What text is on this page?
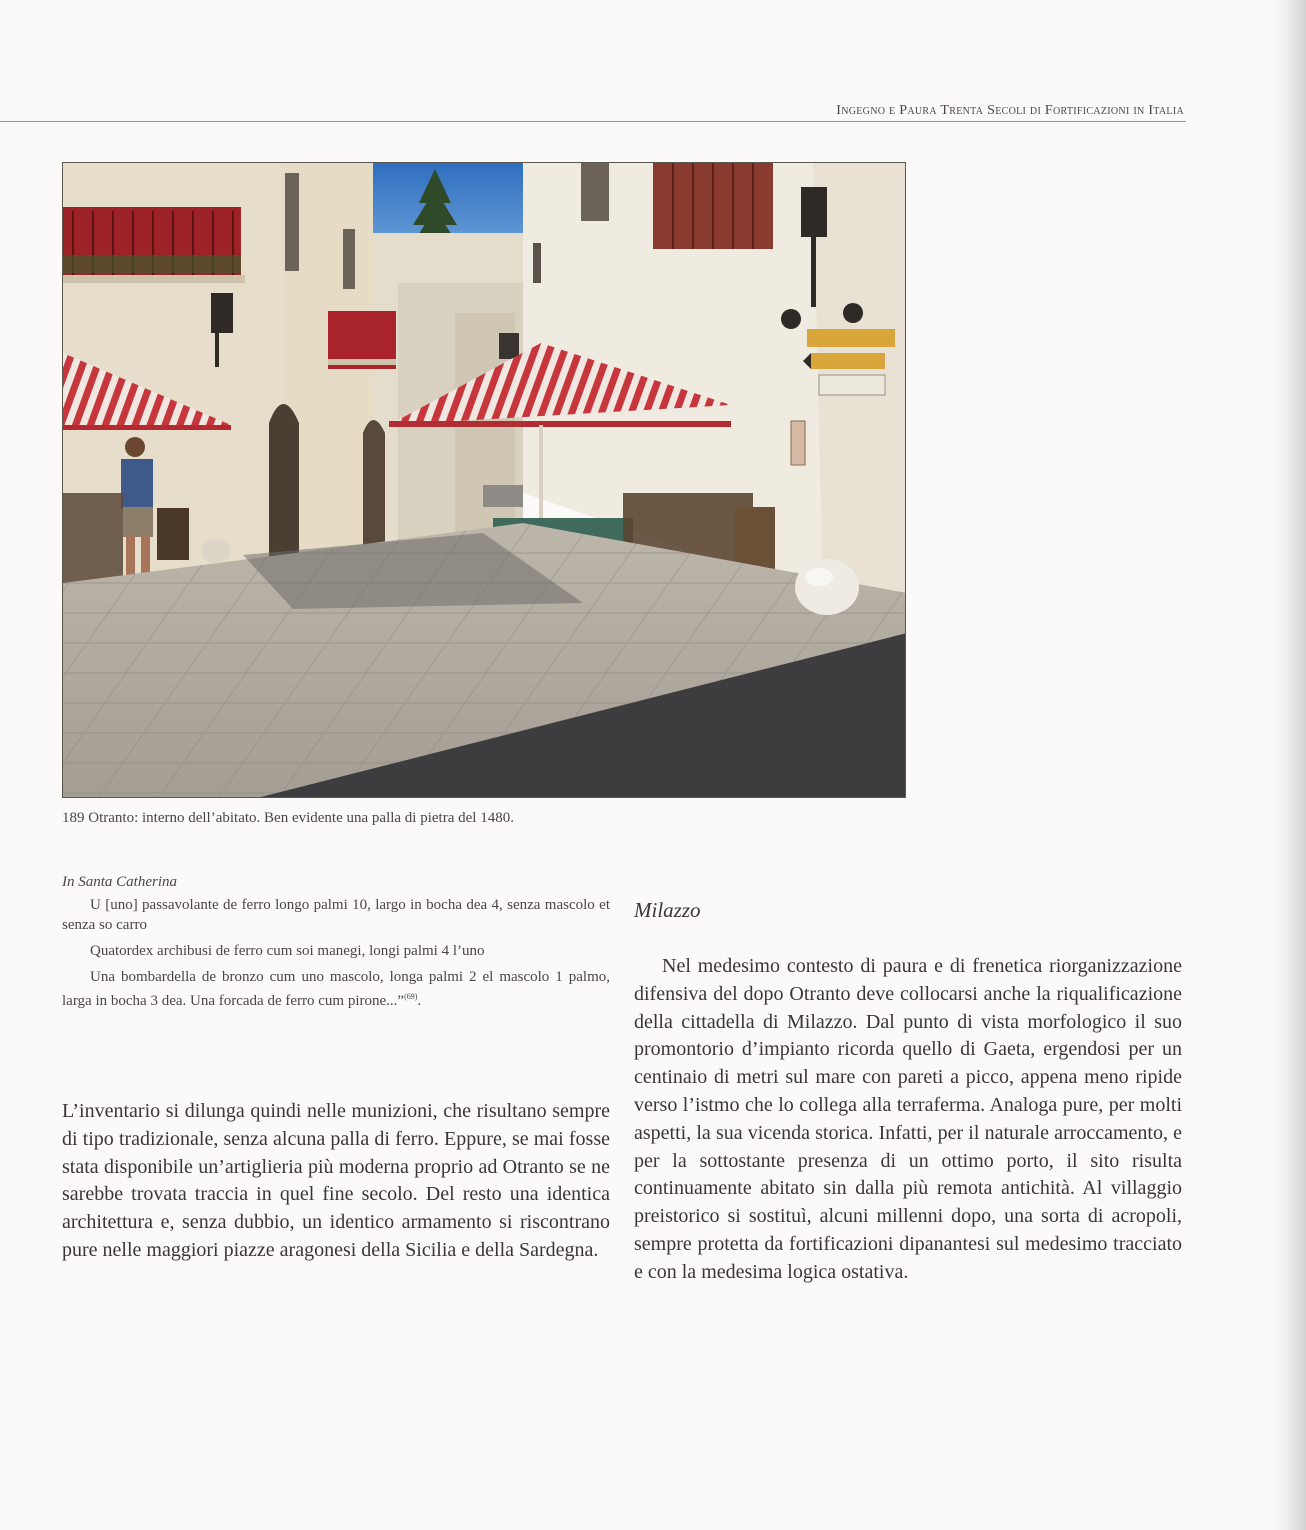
Ingegno e Paura Trenta Secoli di Fortificazioni in Italia
189 Otranto: interno dell’abitato. Ben evidente una palla di pietra del 1480.
In Santa Catherina

U [uno] passavolante de ferro longo palmi 10, largo in bocha dea 4, senza mascolo et senza so carro

Quatordex archibusi de ferro cum soi manegi, longi palmi 4 l’uno

Una bombardella de bronzo cum uno mascolo, longa palmi 2 el mascolo 1 palmo, larga in bocha 3 dea. Una forcada de ferro cum pirone...”$^{(69)}$.

L’inventario si dilunga quindi nelle munizioni, che risultano sempre di tipo tradizionale, senza alcuna palla di ferro. Eppure, se mai fosse stata disponibile un’artiglieria più moderna proprio ad Otranto se ne sarebbe trovata traccia in quel fine secolo. Del resto una identica architettura e, senza dubbio, un identico armamento si riscontrano pure nelle maggiori piazze aragonesi della Sicilia e della Sardegna.

Milazzo

Nel medesimo contesto di paura e di frenetica riorganizzazione difensiva del dopo Otranto deve collocarsi anche la riqualificazione della cittadella di Milazzo. Dal punto di vista morfologico il suo promontorio d’impianto ricorda quello di Gaeta, ergendosi per un centinaio di metri sul mare con pareti a picco, appena meno ripide verso l’istmo che lo collega alla terraferma. Analoga pure, per molti aspetti, la sua vicenda storica. Infatti, per il naturale arroccamento, e per la sottostante presenza di un ottimo porto, il sito risulta continuamente abitato sin dalla più remota antichità. Al villaggio preistorico si sostituì, alcuni millenni dopo, una sorta di acropoli, sempre protetta da fortificazioni dipanantesi sul medesimo tracciato e con la medesima logica ostativa.
